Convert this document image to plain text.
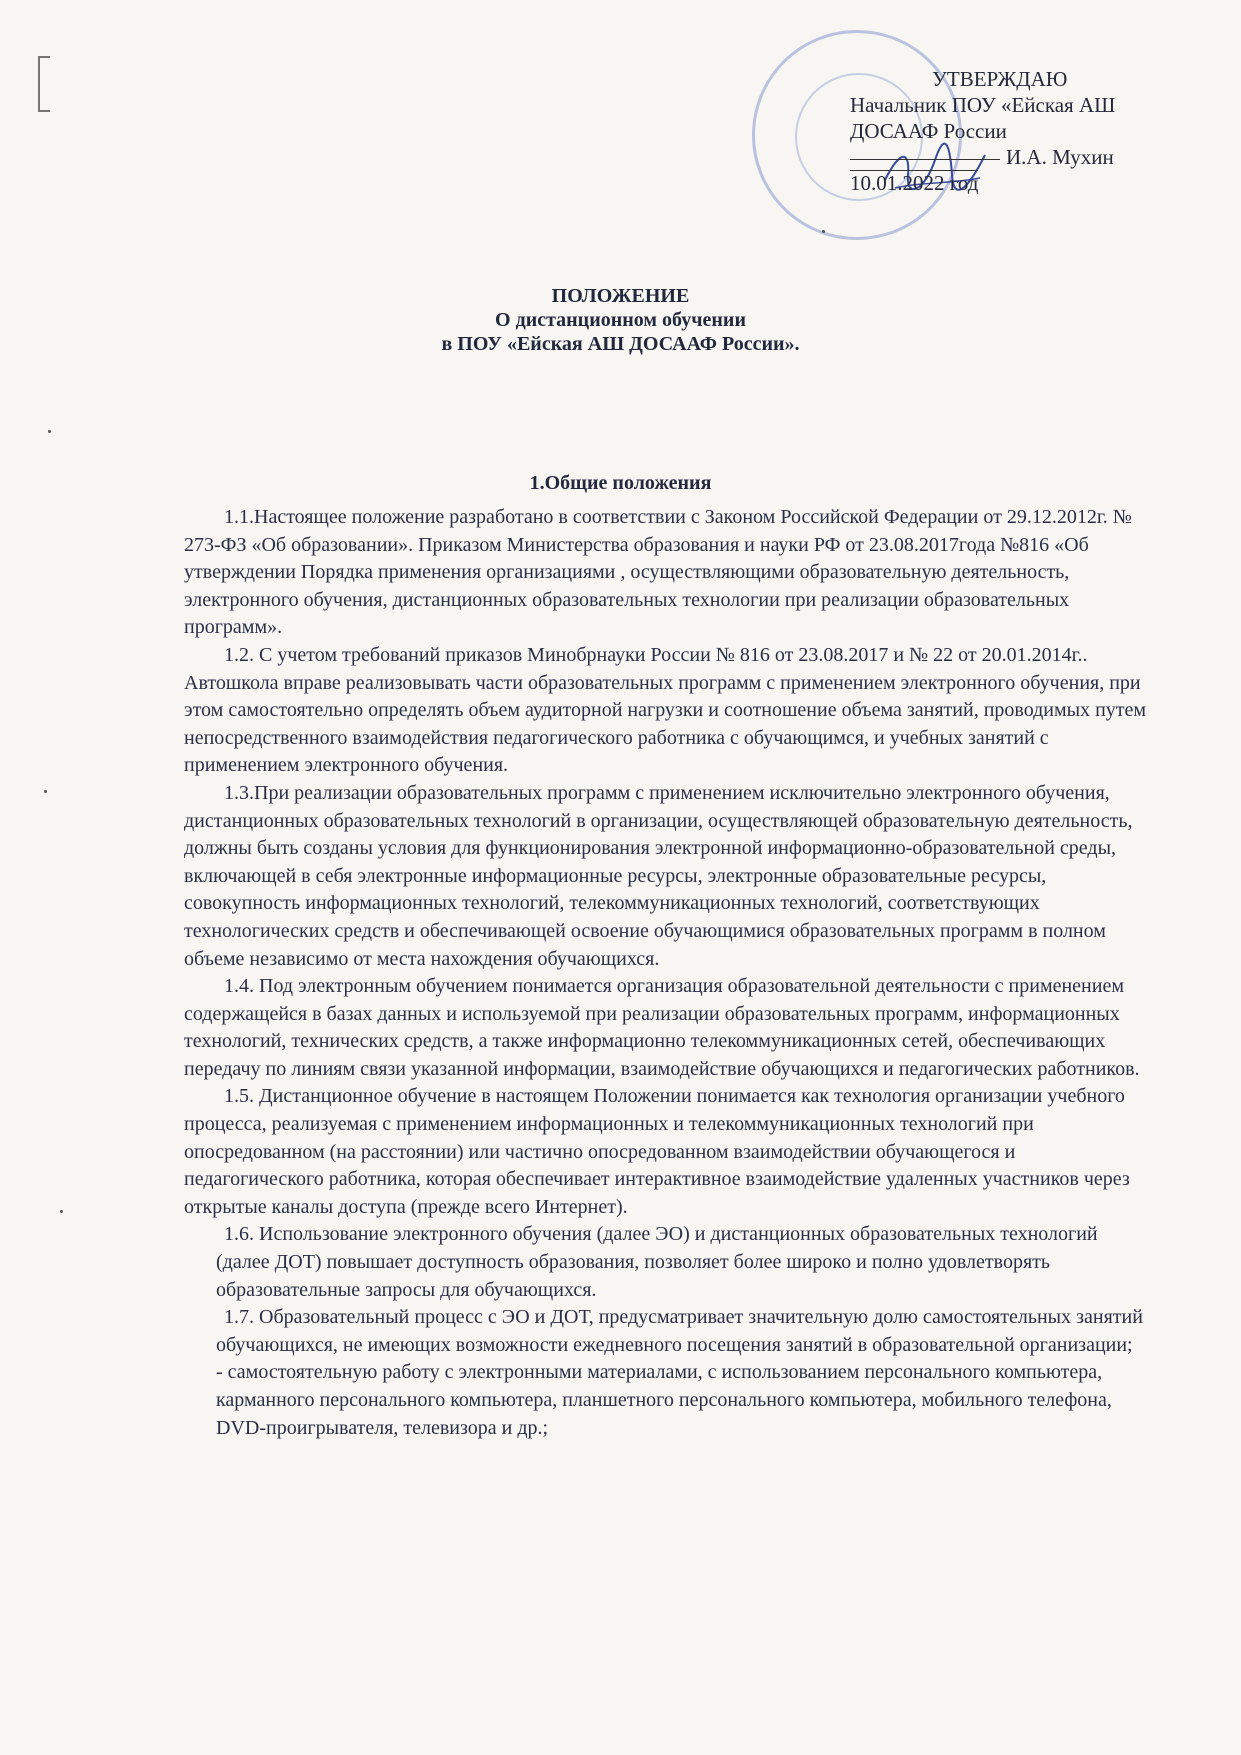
УТВЕРЖДАЮ
Начальник ПОУ «Ейская АШ
ДОСААФ России
И.А. Мухин
10.01.2022 год
ПОЛОЖЕНИЕ
О дистанционном обучении
в ПОУ «Ейская АШ ДОСААФ России».
1.Общие положения

1.1.Настоящее положение разработано в соответствии с Законом Российской Федерации от 29.12.2012г. № 273-ФЗ «Об образовании». Приказом Министерства образования и науки РФ от 23.08.2017года №816 «Об утверждении Порядка применения организациями , осуществляющими образовательную деятельность, электронного обучения, дистанционных образовательных технологии при реализации образовательных программ».

1.2. С учетом требований приказов Минобрнауки России № 816 от 23.08.2017 и № 22 от 20.01.2014г.. Автошкола вправе реализовывать части образовательных программ с применением электронного обучения, при этом самостоятельно определять объем аудиторной нагрузки и соотношение объема занятий, проводимых путем непосредственного взаимодействия педагогического работника с обучающимся, и учебных занятий с применением электронного обучения.

1.3.При реализации образовательных программ с применением исключительно электронного обучения, дистанционных образовательных технологий в организации, осуществляющей образовательную деятельность, должны быть созданы условия для функционирования электронной информационно-образовательной среды, включающей в себя электронные информационные ресурсы, электронные образовательные ресурсы, совокупность информационных технологий, телекоммуникационных технологий, соответствующих технологических средств и обеспечивающей освоение обучающимися образовательных программ в полном объеме независимо от места нахождения обучающихся.

1.4. Под электронным обучением понимается организация образовательной деятельности с применением содержащейся в базах данных и используемой при реализации образовательных программ, информационных технологий, технических средств, а также информационно телекоммуникационных сетей, обеспечивающих передачу по линиям связи указанной информации, взаимодействие обучающихся и педагогических работников.

1.5. Дистанционное обучение в настоящем Положении понимается как технология организации учебного процесса, реализуемая с применением информационных и телекоммуникационных технологий при опосредованном (на расстоянии) или частично опосредованном взаимодействии обучающегося и педагогического работника, которая обеспечивает интерактивное взаимодействие удаленных участников через открытые каналы доступа (прежде всего Интернет).

1.6. Использование электронного обучения (далее ЭО) и дистанционных образовательных технологий (далее ДОТ) повышает доступность образования, позволяет более широко и полно удовлетворять образовательные запросы для обучающихся.

1.7. Образовательный процесс с ЭО и ДОТ, предусматривает значительную долю самостоятельных занятий обучающихся, не имеющих возможности ежедневного посещения занятий в образовательной организации;

- самостоятельную работу с электронными материалами, с использованием персонального компьютера, карманного персонального компьютера, планшетного персонального компьютера, мобильного телефона, DVD-проигрывателя, телевизора и др.;
